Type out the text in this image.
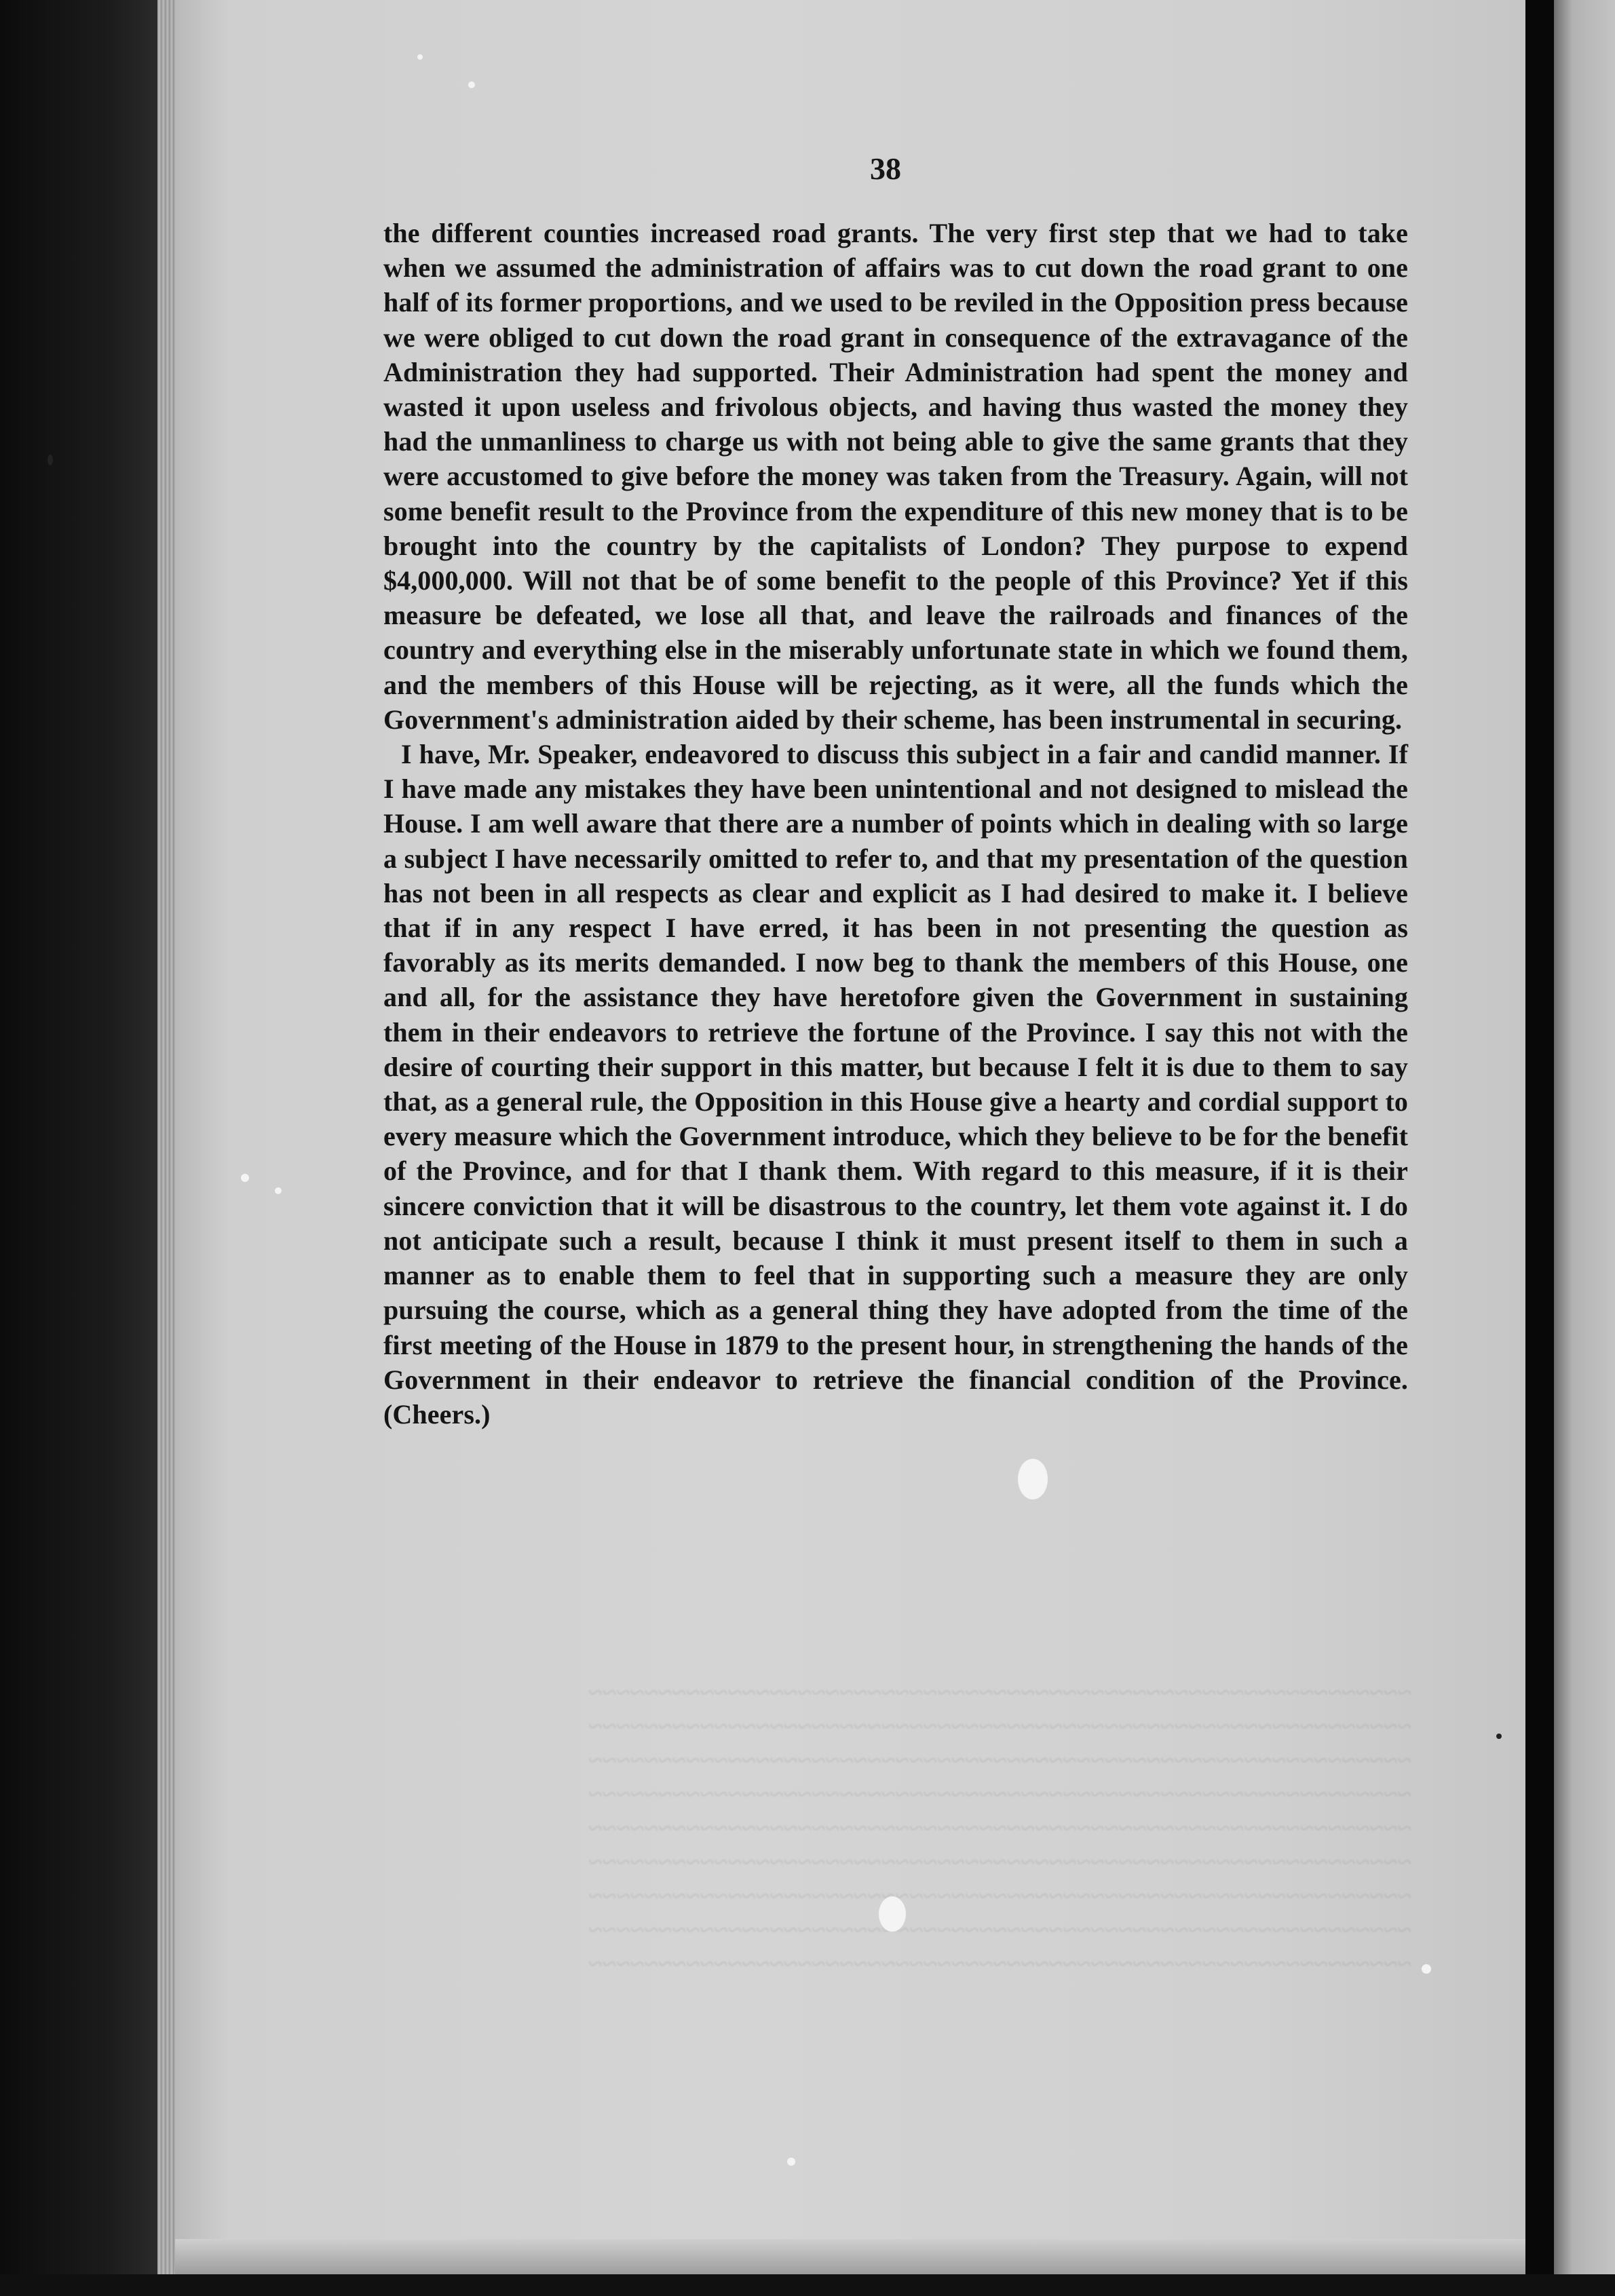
38

the different counties increased road grants. The very first step that we had to take when we assumed the administration of affairs was to cut down the road grant to one half of its former proportions, and we used to be reviled in the Opposition press because we were obliged to cut down the road grant in consequence of the extravagance of the Administration they had supported. Their Administration had spent the money and wasted it upon useless and frivolous objects, and having thus wasted the money they had the unmanliness to charge us with not being able to give the same grants that they were accustomed to give before the money was taken from the Treasury. Again, will not some benefit result to the Province from the expenditure of this new money that is to be brought into the country by the capitalists of London? They purpose to expend $4,000,000. Will not that be of some benefit to the people of this Province? Yet if this measure be defeated, we lose all that, and leave the railroads and finances of the country and everything else in the miserably unfortunate state in which we found them, and the members of this House will be rejecting, as it were, all the funds which the Government's administration aided by their scheme, has been instrumental in securing.

I have, Mr. Speaker, endeavored to discuss this subject in a fair and candid manner. If I have made any mistakes they have been unintentional and not designed to mislead the House. I am well aware that there are a number of points which in dealing with so large a subject I have necessarily omitted to refer to, and that my presentation of the question has not been in all respects as clear and explicit as I had desired to make it. I believe that if in any respect I have erred, it has been in not presenting the question as favorably as its merits demanded. I now beg to thank the members of this House, one and all, for the assistance they have heretofore given the Government in sustaining them in their endeavors to retrieve the fortune of the Province. I say this not with the desire of courting their support in this matter, but because I felt it is due to them to say that, as a general rule, the Opposition in this House give a hearty and cordial support to every measure which the Government introduce, which they believe to be for the benefit of the Province, and for that I thank them. With regard to this measure, if it is their sincere conviction that it will be disastrous to the country, let them vote against it. I do not anticipate such a result, because I think it must present itself to them in such a manner as to enable them to feel that in supporting such a measure they are only pursuing the course, which as a general thing they have adopted from the time of the first meeting of the House in 1879 to the present hour, in strengthening the hands of the Government in their endeavor to retrieve the financial condition of the Province. (Cheers.)
